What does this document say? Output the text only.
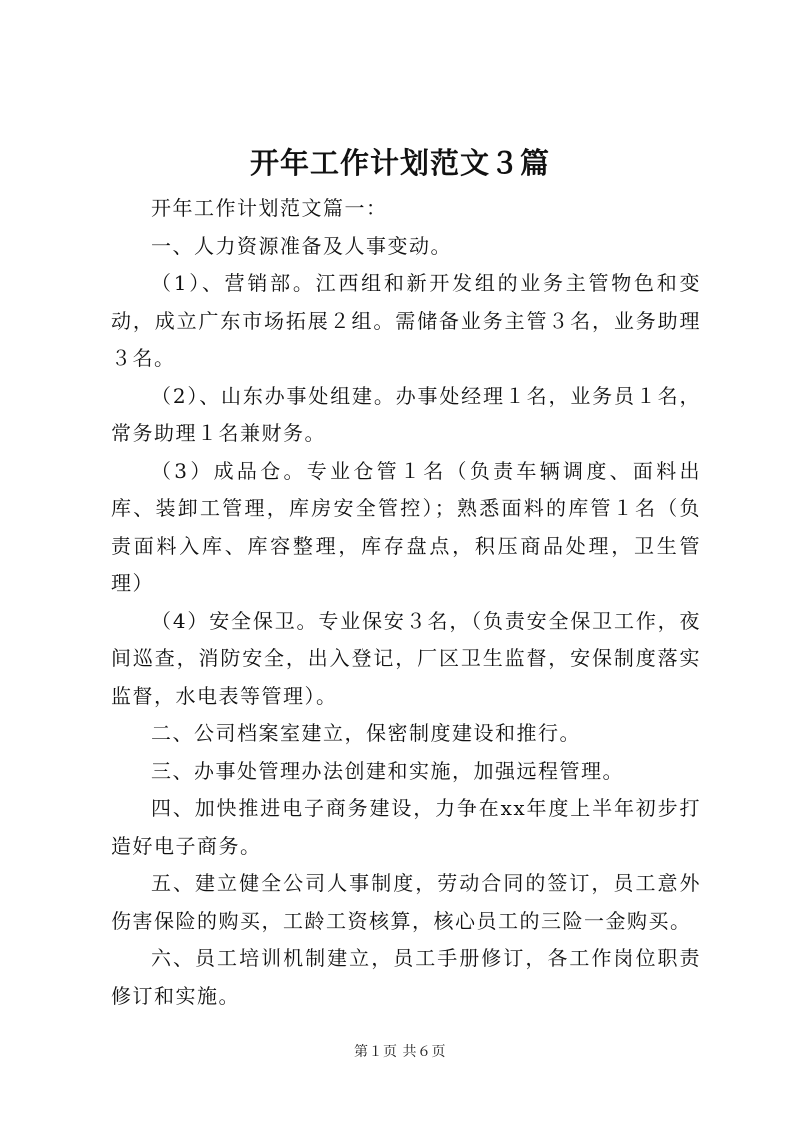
开年工作计划范文３篇

开年工作计划范文篇一：

一、人力资源准备及人事变动。

（1）、营销部。江西组和新开发组的业务主管物色和变动，成立广东市场拓展２组。需储备业务主管３名，业务助理３名。

（2）、山东办事处组建。办事处经理１名，业务员１名，常务助理１名兼财务。

（3）成品仓。专业仓管１名（负责车辆调度、面料出库、装卸工管理，库房安全管控）；熟悉面料的库管１名（负责面料入库、库容整理，库存盘点，积压商品处理，卫生管理）

（4）安全保卫。专业保安３名，（负责安全保卫工作，夜间巡查，消防安全，出入登记，厂区卫生监督，安保制度落实监督，水电表等管理）。

二、公司档案室建立，保密制度建设和推行。

三、办事处管理办法创建和实施，加强远程管理。

四、加快推进电子商务建设，力争在xx年度上半年初步打造好电子商务。

五、建立健全公司人事制度，劳动合同的签订，员工意外伤害保险的购买，工龄工资核算，核心员工的三险一金购买。

六、员工培训机制建立，员工手册修订，各工作岗位职责修订和实施。

第１页 共６页
